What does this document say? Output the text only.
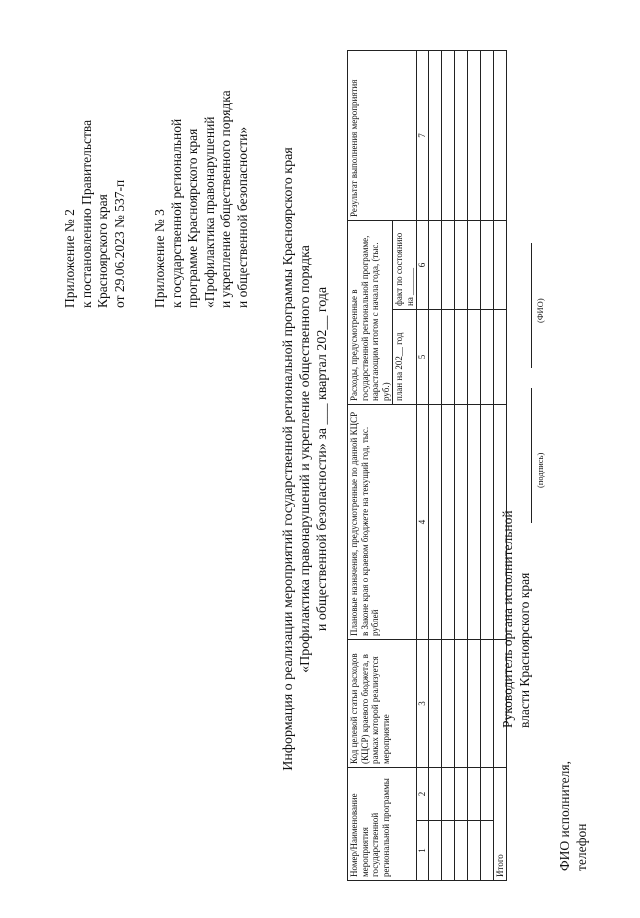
Приложение № 2 к постановлению Правительства Красноярского края от 29.06.2023 № 537-п Приложение № 3 к государственной региональной программе Красноярского края «Профилактика правонарушений и укрепление общественного порядка и общественной безопасности» Информация о реализации мероприятий государственной региональной программы Красноярского края «Профилактика правонарушений и укрепление общественного порядка и общественной безопасности» за ___ квартал 202__ года
Номер/Наименование мероприятия государственной региональной программы		Код целевой статьи расходов (КЦСР) краевого бюджета, в рамках которой реализуется мероприятие	Плановые назначения, предусмотренные по данной КЦСР в Законе края о краевом бюджете на текущий год, тыс. рублей	Расходы, предусмотренные в государственной региональной программе, нарастающим итогом с начала года, (тыс. руб.)		Результат выполнения мероприятия
				план на 202__ год	факт по состоянию на ______	
1	2	3	4	5	6	7

Итого						
Руководитель органа исполнительной власти Красноярского края
(подпись)
(ФИО)
ФИО исполнителя, телефон
